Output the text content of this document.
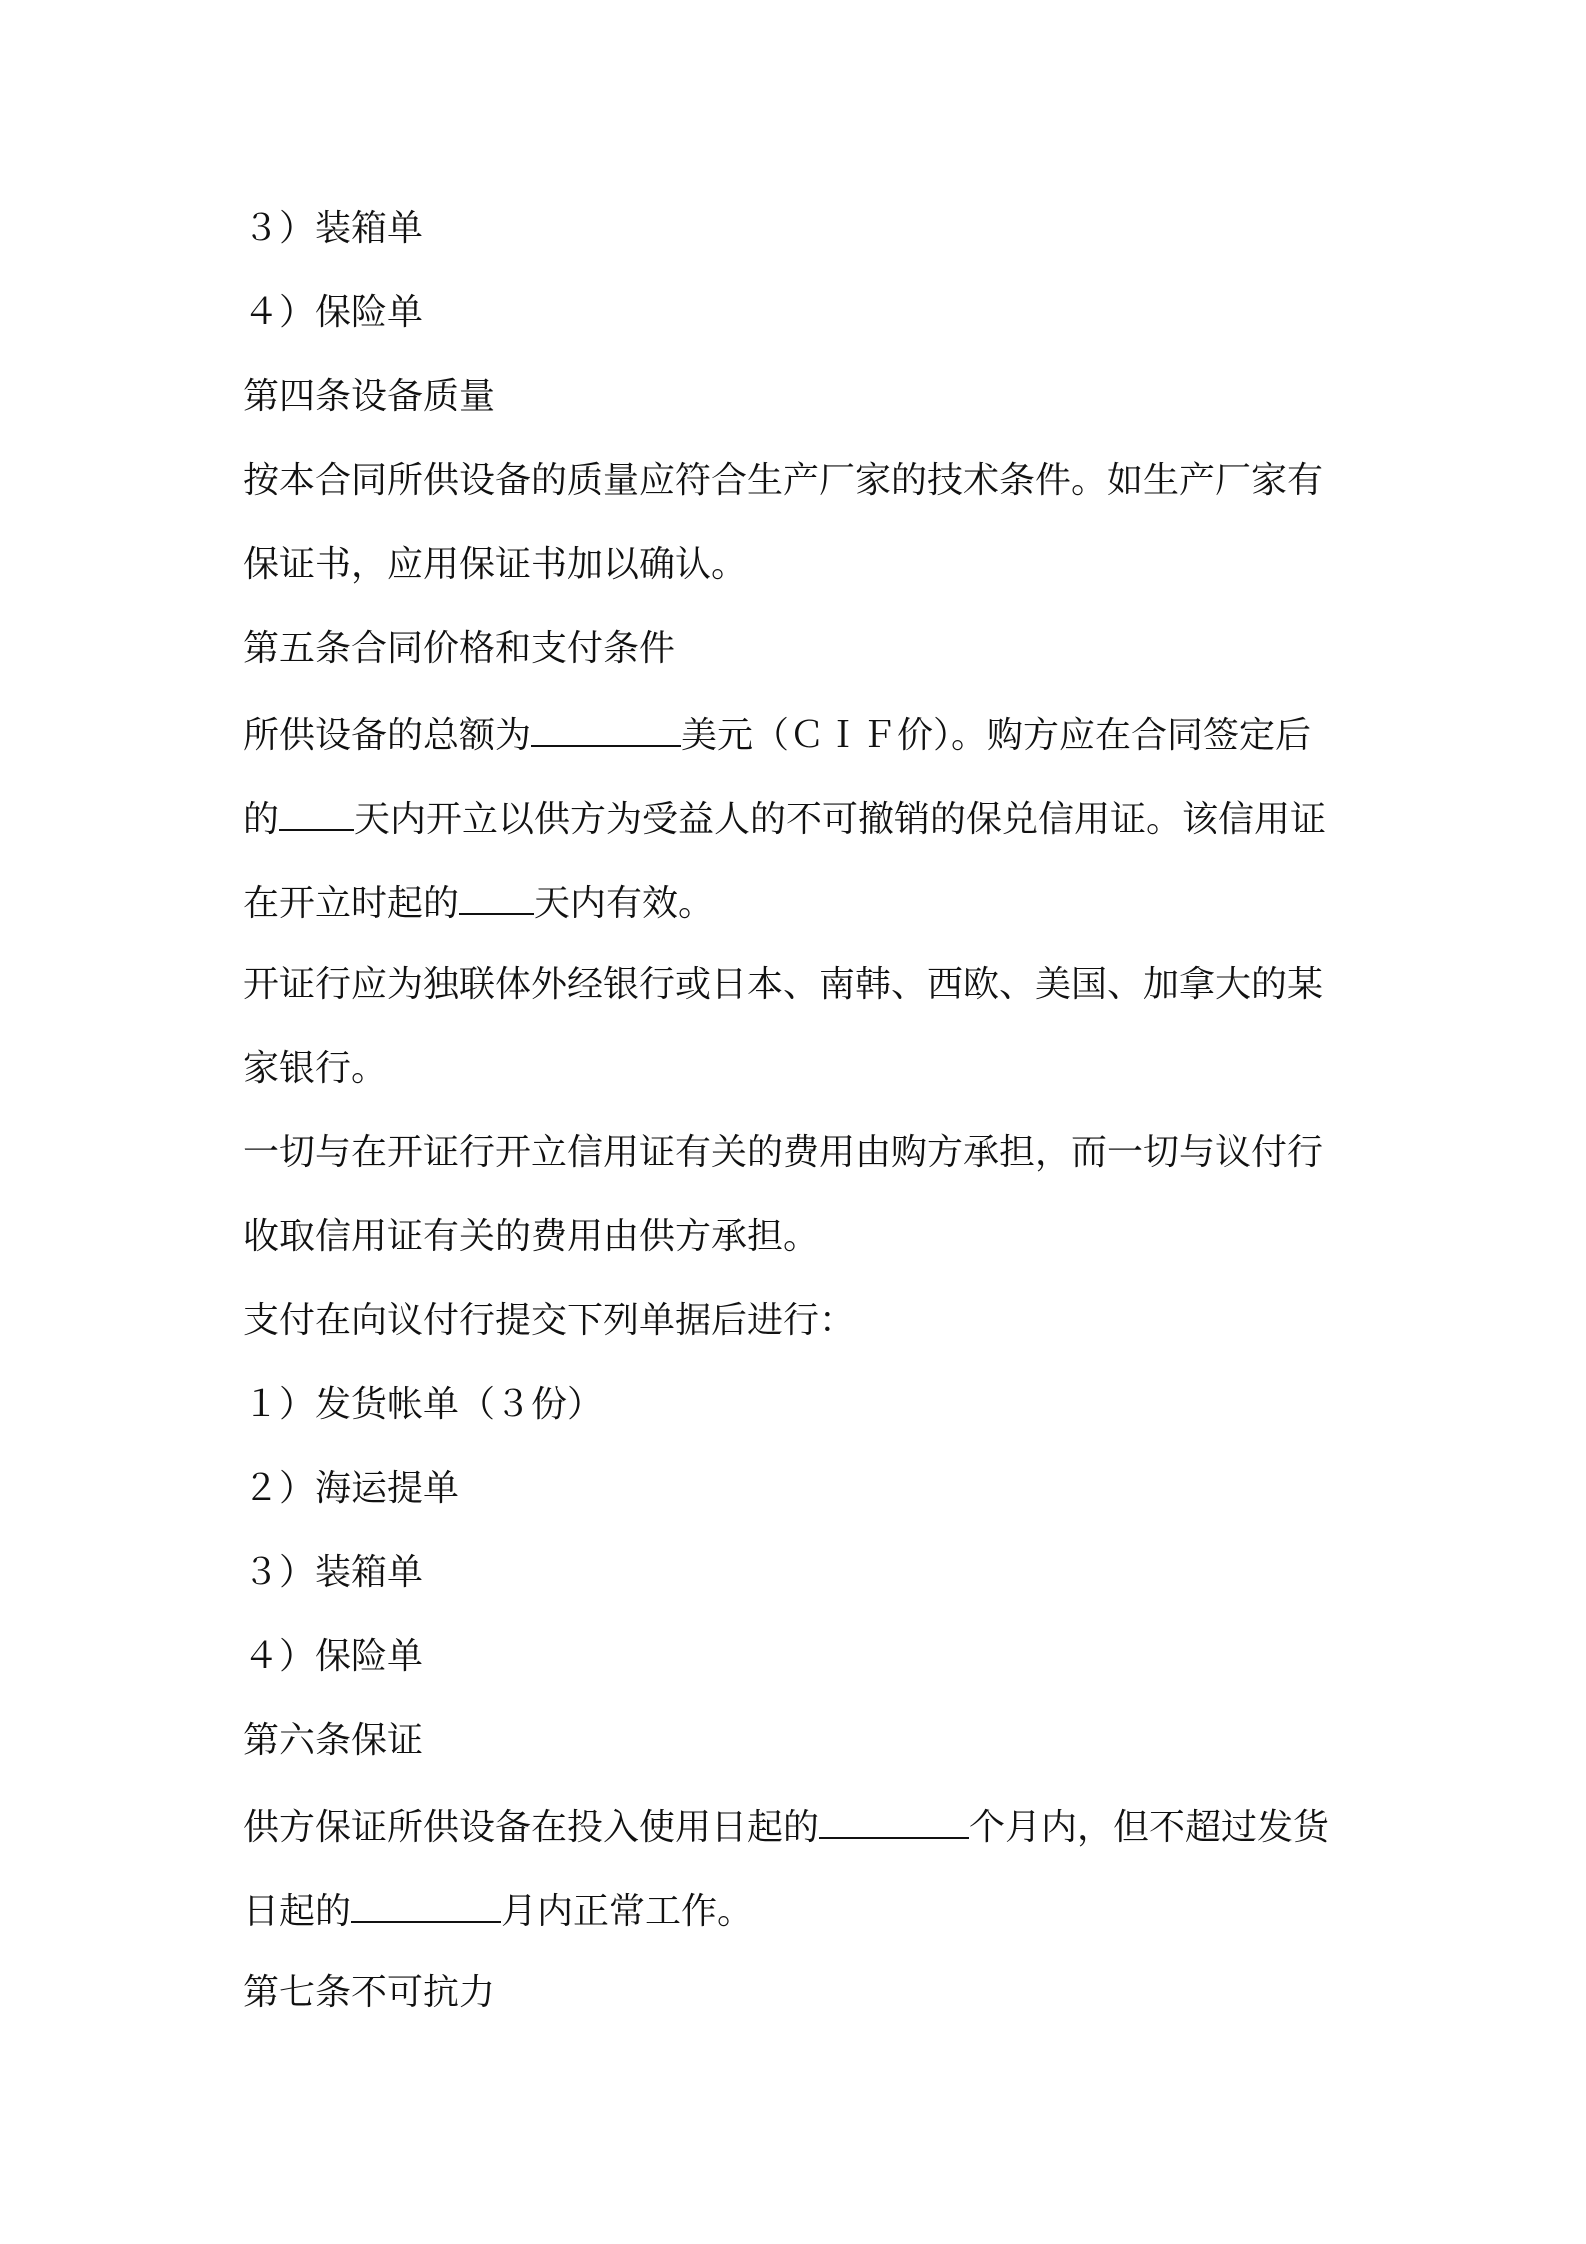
３）装箱单
４）保险单
第四条设备质量
按本合同所供设备的质量应符合生产厂家的技术条件。如生产厂家有
保证书，应用保证书加以确认。
第五条合同价格和支付条件
所供设备的总额为	美元（ＣＩＦ价）。购方应在合同签定后
的 天内开立以供方为受益人的不可撤销的保兑信用证。该信用证
在开立时起的 天内有效。
开证行应为独联体外经银行或日本、南韩、西欧、美国、加拿大的某
家银行。
一切与在开证行开立信用证有关的费用由购方承担，而一切与议付行
收取信用证有关的费用由供方承担。
支付在向议付行提交下列单据后进行：
１）发货帐单（３份）
２）海运提单
３）装箱单
４）保险单
第六条保证
供方保证所供设备在投入使用日起的	个月内，但不超过发货
日起的	月内正常工作。
第七条不可抗力
